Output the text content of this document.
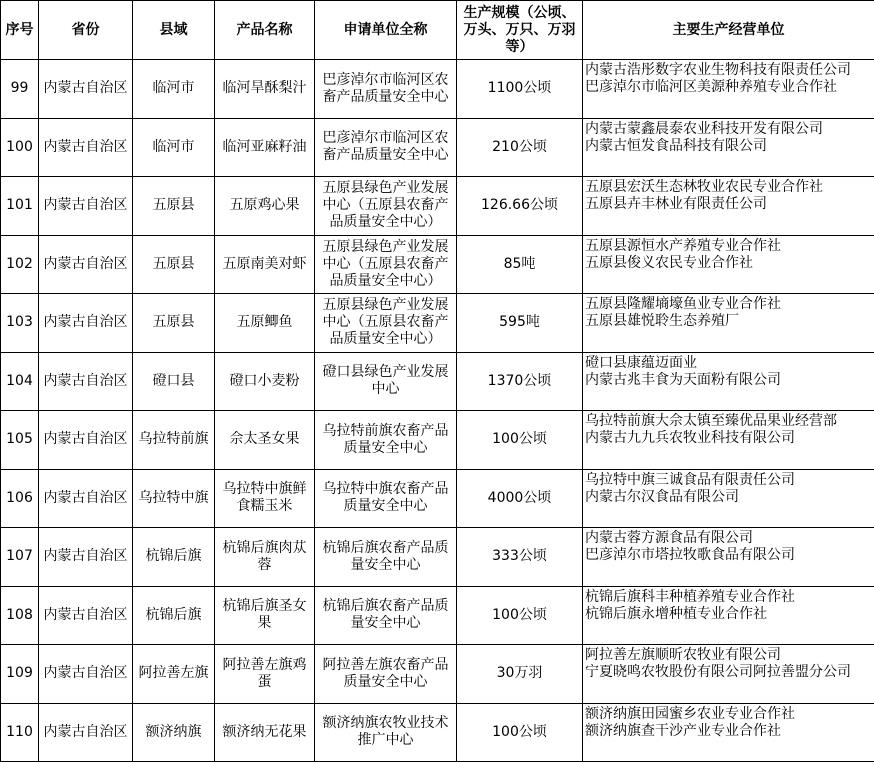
序号	省份	县域	产品名称	申请单位全称	生产规模（公顷、万头、万只、万羽等）	主要生产经营单位
99	内蒙古自治区	临河市	临河旱酥梨汁	巴彦淖尔市临河区农畜产品质量安全中心	1100公顷	内蒙古浩彤数字农业生物科技有限责任公司
巴彦淖尔市临河区美源种养殖专业合作社
100	内蒙古自治区	临河市	临河亚麻籽油	巴彦淖尔市临河区农畜产品质量安全中心	210公顷	内蒙古蒙鑫晨泰农业科技开发有限公司
内蒙古恒发食品科技有限公司
101	内蒙古自治区	五原县	五原鸡心果	五原县绿色产业发展中心（五原县农畜产品质量安全中心）	126.66公顷	五原县宏沃生态林牧业农民专业合作社
五原县卉丰林业有限责任公司
102	内蒙古自治区	五原县	五原南美对虾	五原县绿色产业发展中心（五原县农畜产品质量安全中心）	85吨	五原县源恒水产养殖专业合作社
五原县俊义农民专业合作社
103	内蒙古自治区	五原县	五原鲫鱼	五原县绿色产业发展中心（五原县农畜产品质量安全中心）	595吨	五原县隆耀墒壕鱼业专业合作社
五原县雄悦聆生态养殖厂
104	内蒙古自治区	磴口县	磴口小麦粉	磴口县绿色产业发展中心	1370公顷	磴口县康蕴迈面业
内蒙古兆丰食为天面粉有限公司
105	内蒙古自治区	乌拉特前旗	佘太圣女果	乌拉特前旗农畜产品质量安全中心	100公顷	乌拉特前旗大佘太镇至臻优品果业经营部
内蒙古九九兵农牧业科技有限公司
106	内蒙古自治区	乌拉特中旗	乌拉特中旗鲜食糯玉米	乌拉特中旗农畜产品质量安全中心	4000公顷	乌拉特中旗三诚食品有限责任公司
内蒙古尔汉食品有限公司
107	内蒙古自治区	杭锦后旗	杭锦后旗肉苁蓉	杭锦后旗农畜产品质量安全中心	333公顷	内蒙古蓉方源食品有限公司
巴彦淖尔市塔拉牧歌食品有限公司
108	内蒙古自治区	杭锦后旗	杭锦后旗圣女果	杭锦后旗农畜产品质量安全中心	100公顷	杭锦后旗科丰种植养殖专业合作社
杭锦后旗永增种植专业合作社
109	内蒙古自治区	阿拉善左旗	阿拉善左旗鸡蛋	阿拉善左旗农畜产品质量安全中心	30万羽	阿拉善左旗顺昕农牧业有限公司
宁夏晓鸣农牧股份有限公司阿拉善盟分公司
110	内蒙古自治区	额济纳旗	额济纳无花果	额济纳旗农牧业技术推广中心	100公顷	额济纳旗田园蜜乡农业专业合作社
额济纳旗查干沙产业专业合作社
